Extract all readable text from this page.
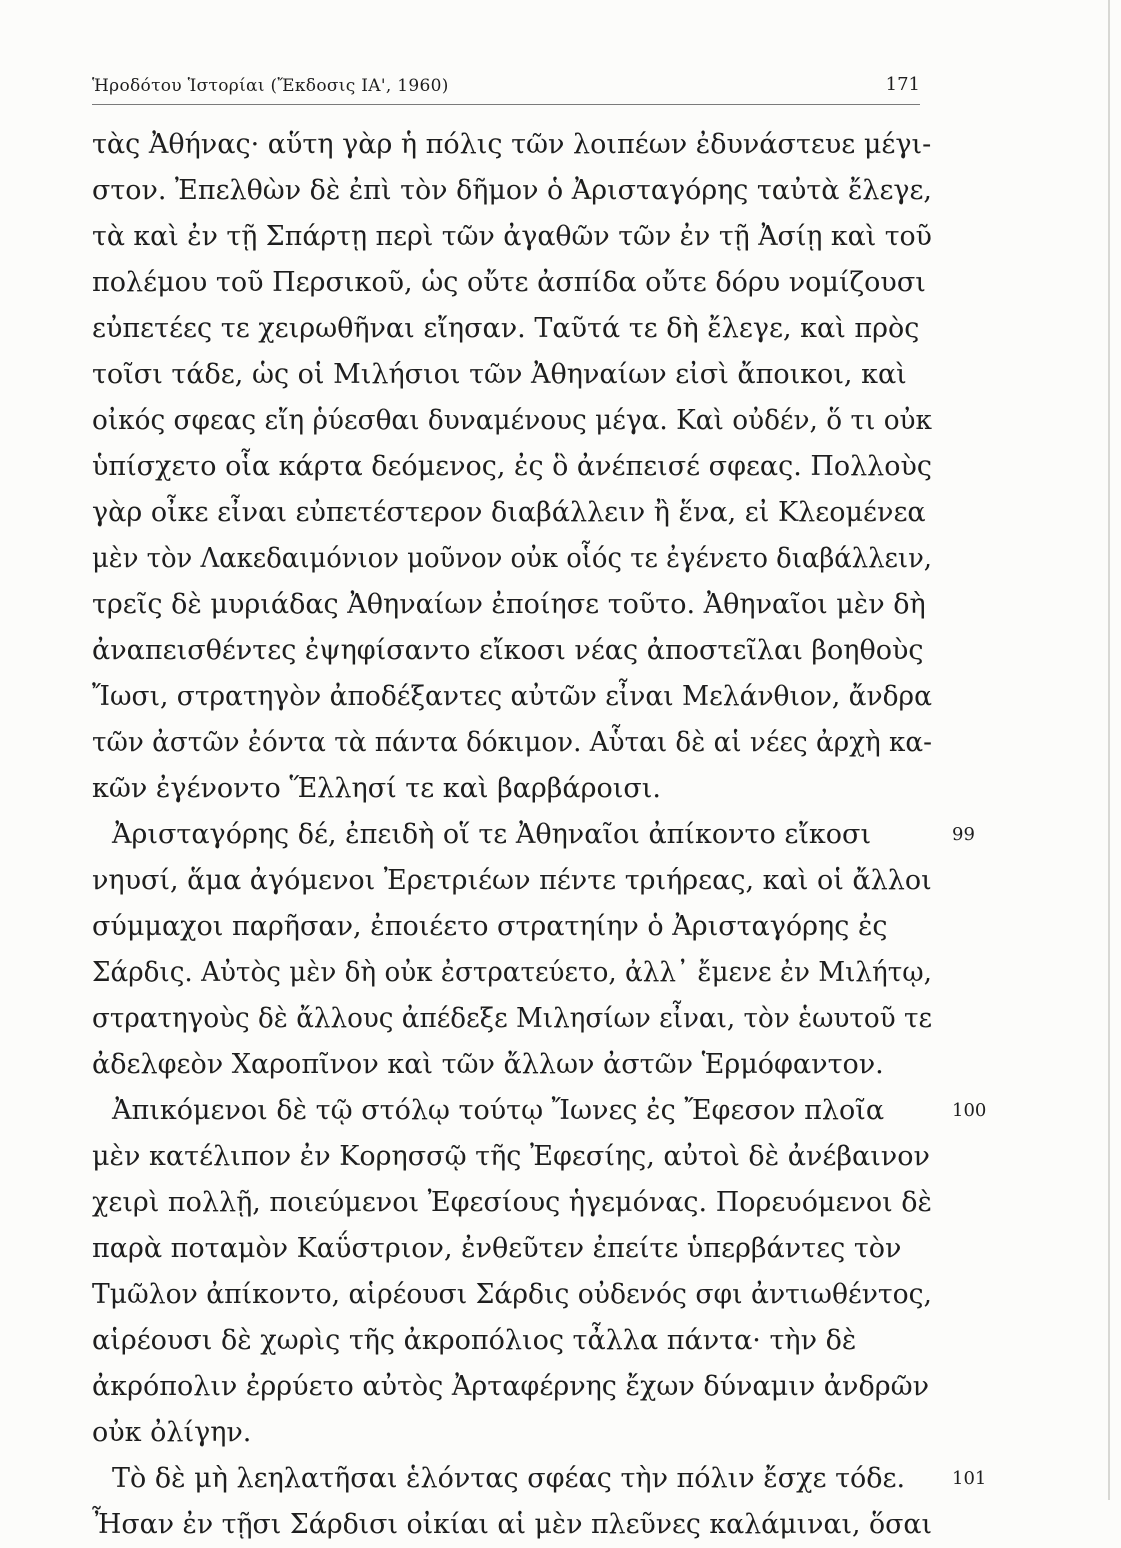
Ἡροδότου Ἱστορίαι (Ἔκδοσις ΙΑ', 1960)	171
τὰς Ἀθήνας· αὕτη γὰρ ἡ πόλις τῶν λοιπέων ἐδυνάστευε μέγι-
στον. Ἐπελθὼν δὲ ἐπὶ τὸν δῆμον ὁ Ἀρισταγόρης ταὐτὰ ἔλεγε,
τὰ καὶ ἐν τῇ Σπάρτῃ περὶ τῶν ἀγαθῶν τῶν ἐν τῇ Ἀσίῃ καὶ τοῦ
πολέμου τοῦ Περσικοῦ, ὡς οὔτε ἀσπίδα οὔτε δόρυ νομίζουσι
εὐπετέες τε χειρωθῆναι εἴησαν. Ταῦτά τε δὴ ἔλεγε, καὶ πρὸς
τοῖσι τάδε, ὡς οἱ Μιλήσιοι τῶν Ἀθηναίων εἰσὶ ἄποικοι, καὶ
οἰκός σφεας εἴη ῥύεσθαι δυναμένους μέγα. Καὶ οὐδέν, ὅ τι οὐκ
ὑπίσχετο οἷα κάρτα δεόμενος, ἐς ὃ ἀνέπεισέ σφεας. Πολλοὺς
γὰρ οἶκε εἶναι εὐπετέστερον διαβάλλειν ἢ ἕνα, εἰ Κλεομένεα
μὲν τὸν Λακεδαιμόνιον μοῦνον οὐκ οἷός τε ἐγένετο διαβάλλειν,
τρεῖς δὲ μυριάδας Ἀθηναίων ἐποίησε τοῦτο. Ἀθηναῖοι μὲν δὴ
ἀναπεισθέντες ἐψηφίσαντο εἴκοσι νέας ἀποστεῖλαι βοηθοὺς
Ἴωσι, στρατηγὸν ἀποδέξαντες αὐτῶν εἶναι Μελάνθιον, ἄνδρα
τῶν ἀστῶν ἐόντα τὰ πάντα δόκιμον. Αὗται δὲ αἱ νέες ἀρχὴ κα-
κῶν ἐγένοντο Ἕλλησί τε καὶ βαρβάροισι.
Ἀρισταγόρης δέ, ἐπειδὴ οἵ τε Ἀθηναῖοι ἀπίκοντο εἴκοσι	99
νηυσί, ἅμα ἀγόμενοι Ἐρετριέων πέντε τριήρεας, καὶ οἱ ἄλλοι
σύμμαχοι παρῆσαν, ἐποιέετο στρατηίην ὁ Ἀρισταγόρης ἐς
Σάρδις. Αὐτὸς μὲν δὴ οὐκ ἐστρατεύετο, ἀλλ᾽ ἔμενε ἐν Μιλήτῳ,
στρατηγοὺς δὲ ἄλλους ἀπέδεξε Μιλησίων εἶναι, τὸν ἑωυτοῦ τε
ἀδελφεὸν Χαροπῖνον καὶ τῶν ἄλλων ἀστῶν Ἑρμόφαντον.
Ἀπικόμενοι δὲ τῷ στόλῳ τούτῳ Ἴωνες ἐς Ἔφεσον πλοῖα	100
μὲν κατέλιπον ἐν Κορησσῷ τῆς Ἐφεσίης, αὐτοὶ δὲ ἀνέβαινον
χειρὶ πολλῇ, ποιεύμενοι Ἐφεσίους ἡγεμόνας. Πορευόμενοι δὲ
παρὰ ποταμὸν Καΰστριον, ἐνθεῦτεν ἐπείτε ὑπερβάντες τὸν
Τμῶλον ἀπίκοντο, αἱρέουσι Σάρδις οὐδενός σφι ἀντιωθέντος,
αἱρέουσι δὲ χωρὶς τῆς ἀκροπόλιος τἆλλα πάντα· τὴν δὲ
ἀκρόπολιν ἐρρύετο αὐτὸς Ἀρταφέρνης ἔχων δύναμιν ἀνδρῶν
οὐκ ὀλίγην.
Τὸ δὲ μὴ λεηλατῆσαι ἑλόντας σφέας τὴν πόλιν ἔσχε τόδε.	101
Ἦσαν ἐν τῇσι Σάρδισι οἰκίαι αἱ μὲν πλεῦνες καλάμιναι, ὅσαι
